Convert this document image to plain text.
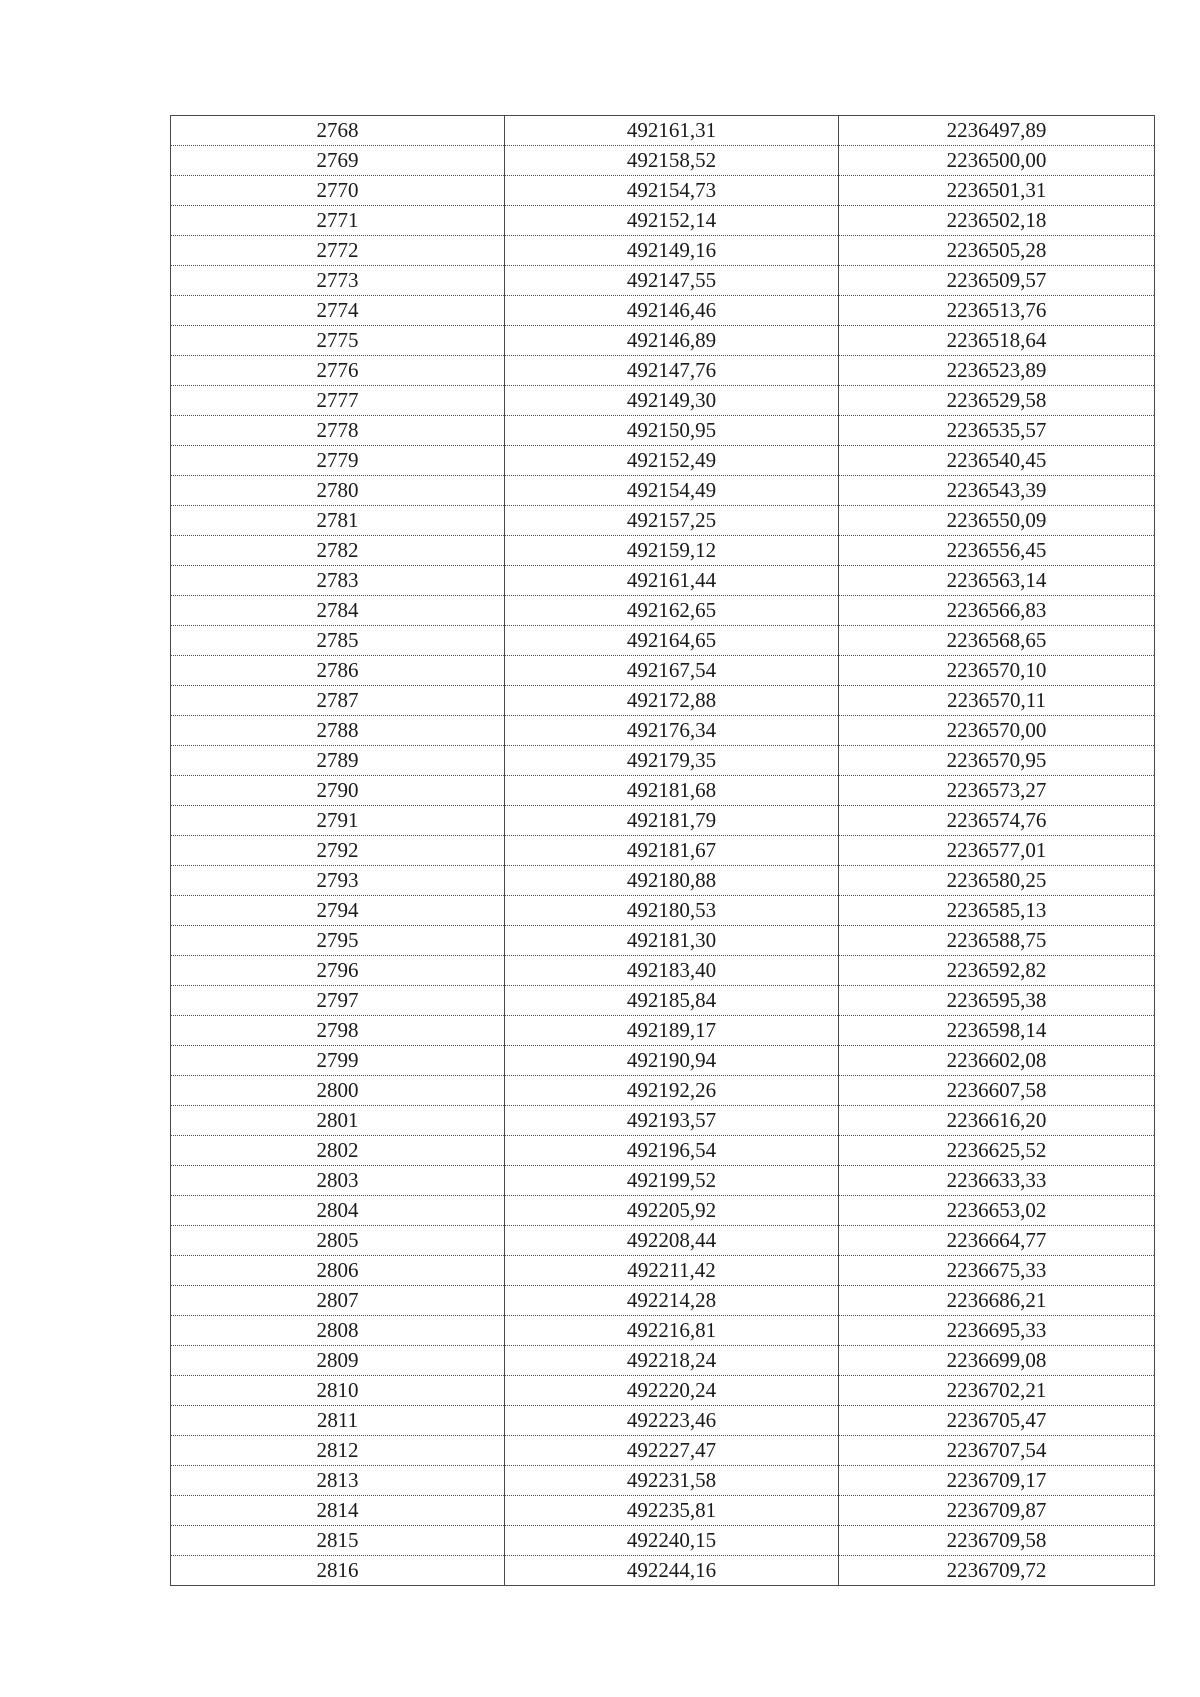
2768	492161,31	2236497,89
2769	492158,52	2236500,00
2770	492154,73	2236501,31
2771	492152,14	2236502,18
2772	492149,16	2236505,28
2773	492147,55	2236509,57
2774	492146,46	2236513,76
2775	492146,89	2236518,64
2776	492147,76	2236523,89
2777	492149,30	2236529,58
2778	492150,95	2236535,57
2779	492152,49	2236540,45
2780	492154,49	2236543,39
2781	492157,25	2236550,09
2782	492159,12	2236556,45
2783	492161,44	2236563,14
2784	492162,65	2236566,83
2785	492164,65	2236568,65
2786	492167,54	2236570,10
2787	492172,88	2236570,11
2788	492176,34	2236570,00
2789	492179,35	2236570,95
2790	492181,68	2236573,27
2791	492181,79	2236574,76
2792	492181,67	2236577,01
2793	492180,88	2236580,25
2794	492180,53	2236585,13
2795	492181,30	2236588,75
2796	492183,40	2236592,82
2797	492185,84	2236595,38
2798	492189,17	2236598,14
2799	492190,94	2236602,08
2800	492192,26	2236607,58
2801	492193,57	2236616,20
2802	492196,54	2236625,52
2803	492199,52	2236633,33
2804	492205,92	2236653,02
2805	492208,44	2236664,77
2806	492211,42	2236675,33
2807	492214,28	2236686,21
2808	492216,81	2236695,33
2809	492218,24	2236699,08
2810	492220,24	2236702,21
2811	492223,46	2236705,47
2812	492227,47	2236707,54
2813	492231,58	2236709,17
2814	492235,81	2236709,87
2815	492240,15	2236709,58
2816	492244,16	2236709,72
